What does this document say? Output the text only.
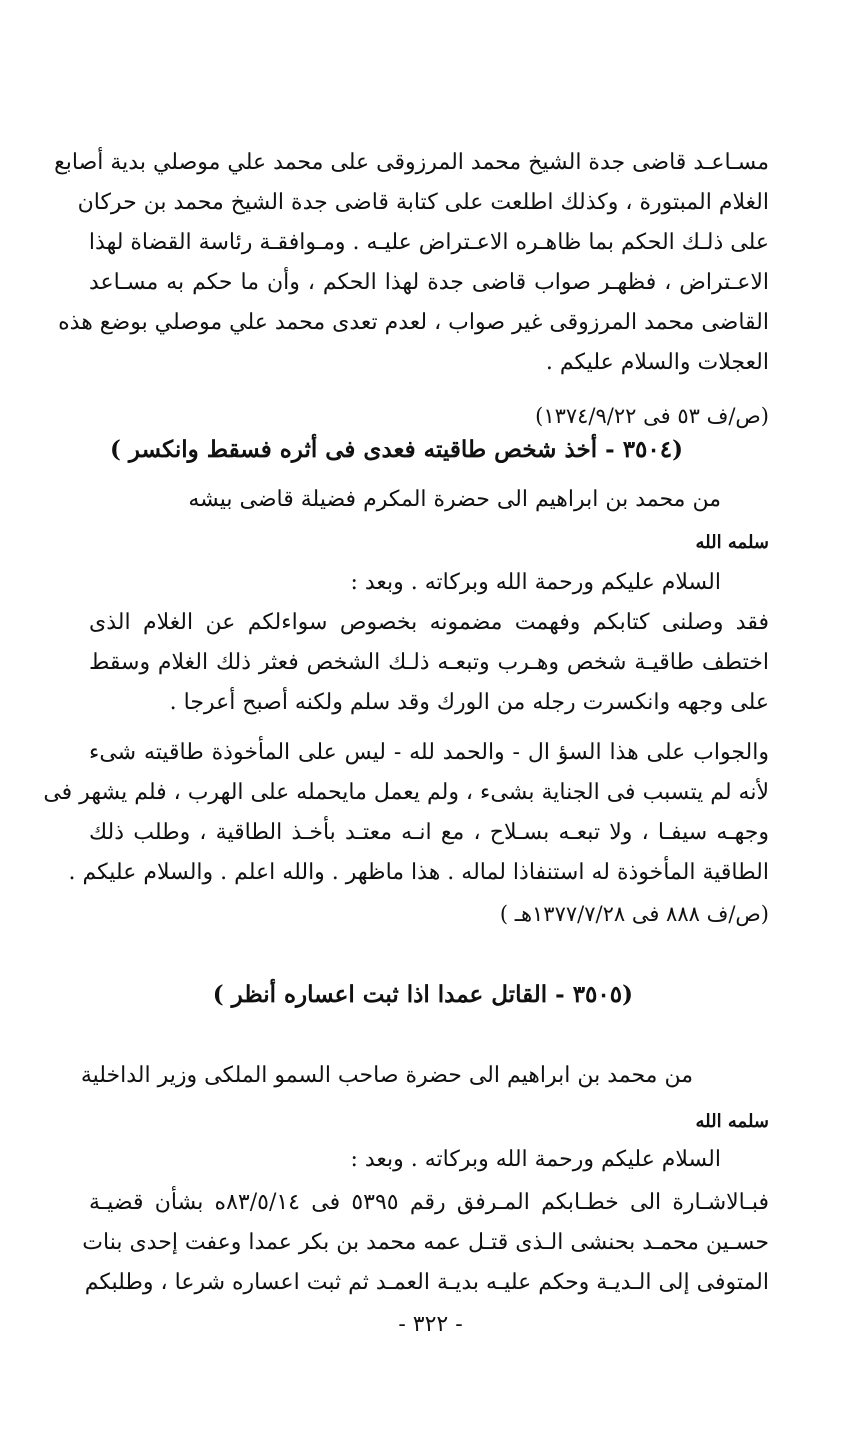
مسـاعـد قاضى جدة الشيخ محمد المرزوقى على محمد علي موصلي بدية أصابع
الغلام المبتورة ، وكذلك اطلعت على كتابة قاضى جدة الشيخ محمد بن حركان
على ذلـك الحكم بما ظاهـره الاعـتراض عليـه . ومـوافقـة رئاسة القضاة لهذا
الاعـتراض ، فظهـر صواب قاضى جدة لهذا الحكم ، وأن ما حكم به مسـاعد
القاضى محمد المرزوقى غير صواب ، لعدم تعدى محمد علي موصلي بوضع هذه
العجلات والسلام عليكم .
(ص/ف ٥٣ فى ١٣٧٤/٩/٢٢)
(٣٥٠٤ - أخذ شخص طاقيته فعدى فى أثره فسقط وانكسر )
من محمد بن ابراهيم الى حضرة المكرم فضيلة قاضى بيشه
سلمه الله
السلام عليكم ورحمة الله وبركاته . وبعد :
فقد وصلنى كتابكم وفهمت مضمونه بخصوص سواءلكم عن الغلام الذى
اختطف طاقيـة شخص وهـرب وتبعـه ذلـك الشخص فعثر ذلك الغلام وسقط
على وجهه وانكسرت رجله من الورك وقد سلم ولكنه أصبح أعرجا .
والجواب على هذا السؤ ال - والحمد لله - ليس على المأخوذة طاقيته شىء
لأنه لم يتسبب فى الجناية بشىء ، ولم يعمل مايحمله على الهرب ، فلم يشهر فى
وجهـه سيفـا ، ولا تبعـه بسـلاح ، مع انـه معتـد بأخـذ الطاقية ، وطلب ذلك
الطاقية المأخوذة له استنفاذا لماله . هذا ماظهر . والله اعلم . والسلام عليكم .
(ص/ف ٨٨٨ فى ١٣٧٧/٧/٢٨هـ )
(٣٥٠٥ - القاتل عمدا اذا ثبت اعساره أنظر )
من محمد بن ابراهيم الى حضرة صاحب السمو الملكى وزير الداخلية
سلمه الله
السلام عليكم ورحمة الله وبركاته . وبعد :
فبـالاشـارة الى خطـابكم المـرفق رقم ٥٣٩٥ فى ٨٣/٥/١٤ه بشأن قضيـة
حسـين محمـد بحنشى الـذى قتـل عمه محمد بن بكر عمدا وعفت إحدى بنات
المتوفى إلى الـديـة وحكم عليـه بديـة العمـد ثم ثبت اعساره شرعا ، وطلبكم
- ٣٢٢ -
